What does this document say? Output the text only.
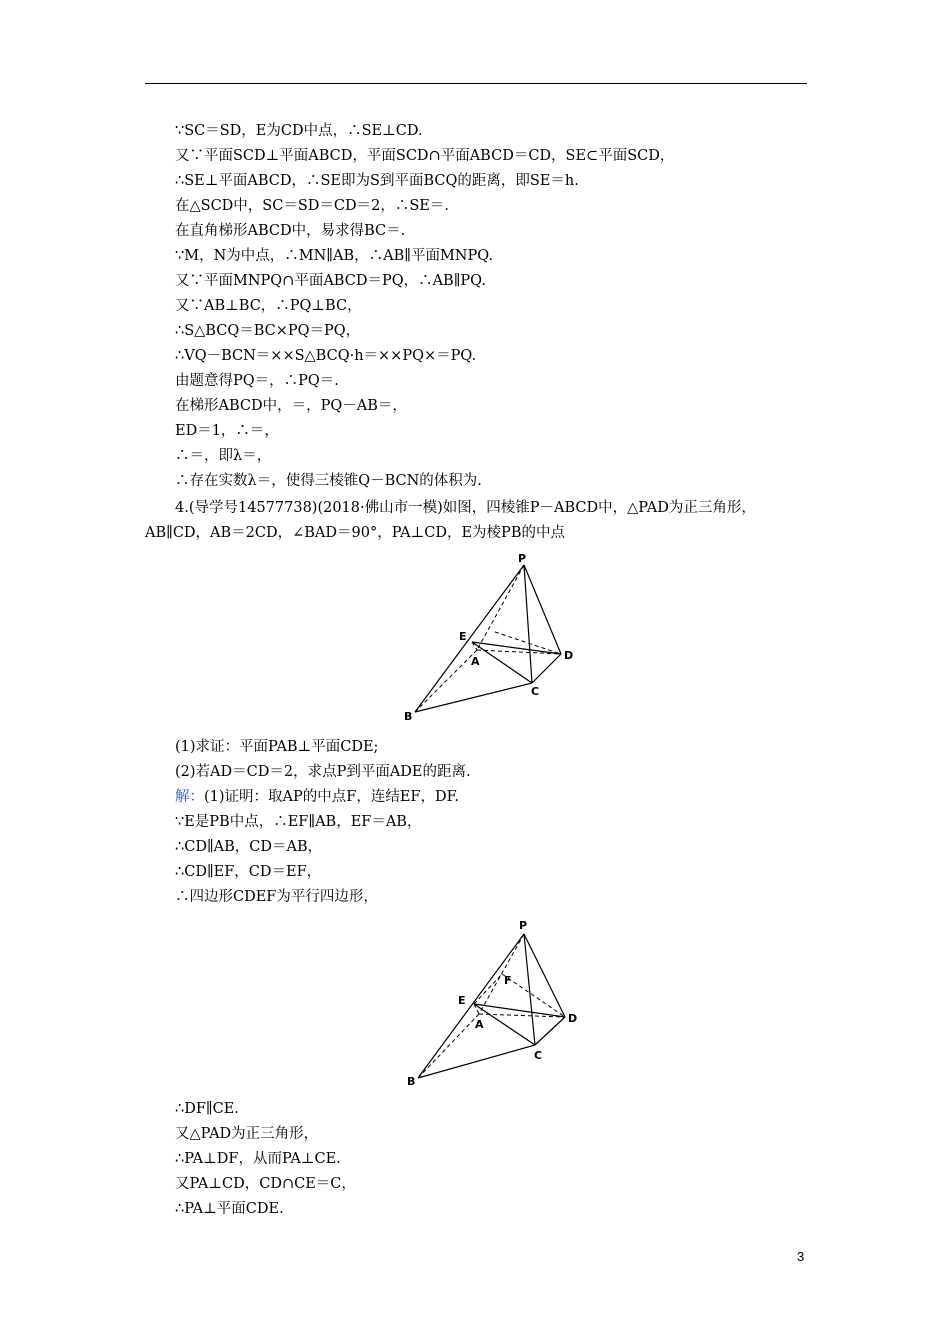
∵SC＝SD，E为CD中点，∴SE⊥CD.
又∵平面SCD⊥平面ABCD，平面SCD∩平面ABCD＝CD，SE⊂平面SCD，
∴SE⊥平面ABCD，∴SE即为S到平面BCQ的距离，即SE＝h.
在△SCD中，SC＝SD＝CD＝2，∴SE＝.
在直角梯形ABCD中，易求得BC＝.
∵M，N为中点，∴MN∥AB，∴AB∥平面MNPQ.
又∵平面MNPQ∩平面ABCD＝PQ，∴AB∥PQ.
又∵AB⊥BC，∴PQ⊥BC，
∴S△BCQ＝BC×PQ＝PQ，
∴VQ－BCN＝××S△BCQ·h＝××PQ×＝PQ.
由题意得PQ＝，∴PQ＝.
在梯形ABCD中，＝，PQ－AB＝，
ED＝1，∴＝，
∴＝，即λ＝，
∴存在实数λ＝，使得三棱锥Q－BCN的体积为.
4.(导学号14577738)(2018·佛山市一模)如图，四棱锥P－ABCD中，△PAD为正三角形，
AB∥CD，AB＝2CD，∠BAD＝90°，PA⊥CD，E为棱PB的中点
P
E
A	D
C
B
(1)求证：平面PAB⊥平面CDE;
(2)若AD＝CD＝2，求点P到平面ADE的距离.
解：(1)证明：取AP的中点F，连结EF，DF.
∵E是PB中点，∴EF∥AB，EF＝AB，
∴CD∥AB，CD＝AB，
∴CD∥EF，CD＝EF，
∴四边形CDEF为平行四边形，
P
E
F
A	D
C
B
∴DF∥CE.
又△PAD为正三角形，
∴PA⊥DF，从而PA⊥CE.
又PA⊥CD，CD∩CE＝C，
∴PA⊥平面CDE.
3
